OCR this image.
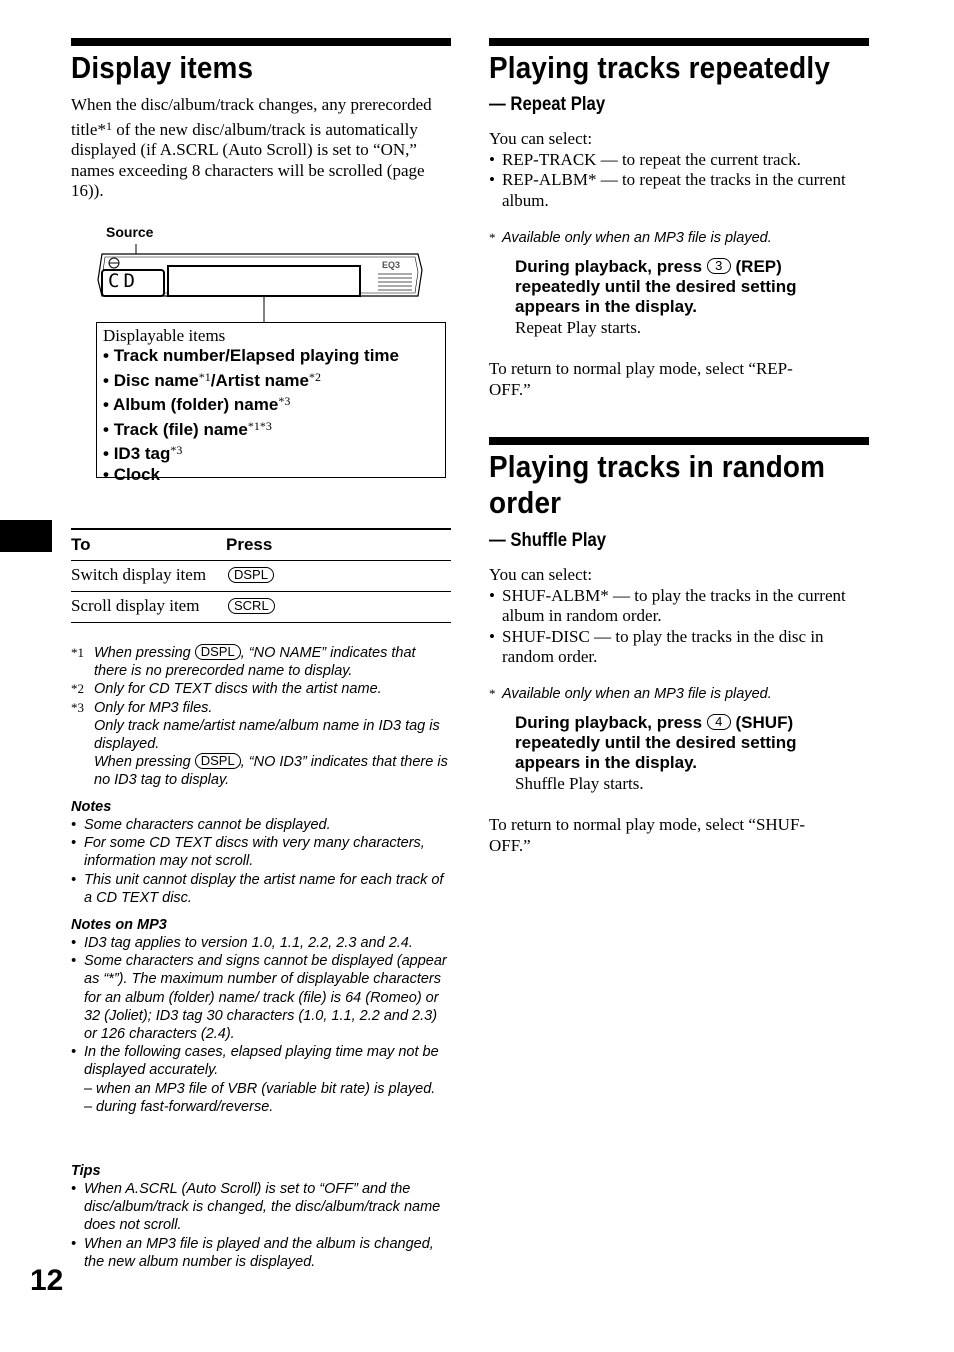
Display items
When the disc/album/track changes, any prerecorded title*$^1$ of the new disc/album/track is automatically displayed (if A.SCRL (Auto Scroll) is set to “ON,” names exceeding 8 characters will be scrolled (page 16)).
Source
CD
EQ3
Displayable items
• Track number/Elapsed playing time
• Disc name$^{*1}$/Artist name$^{*2}$
• Album (folder) name$^{*3}$
• Track (file) name$^{*1*3}$
• ID3 tag$^{*3}$
• Clock
To	Press
Switch display item	DSPL
Scroll display item	SCRL
*1 When pressing DSPL , “NO NAME” indicates that there is no prerecorded name to display.
*2 Only for CD TEXT discs with the artist name.
*3 Only for MP3 files.
Only track name/artist name/album name in ID3 tag is displayed.
When pressing DSPL , “NO ID3” indicates that there is no ID3 tag to display.
Notes
• Some characters cannot be displayed.
• For some CD TEXT discs with very many characters, information may not scroll.
• This unit cannot display the artist name for each track of a CD TEXT disc.
Notes on MP3
• ID3 tag applies to version 1.0, 1.1, 2.2, 2.3 and 2.4.
• Some characters and signs cannot be displayed (appear as “*”). The maximum number of displayable characters for an album (folder) name/ track (file) is 64 (Romeo) or 32 (Joliet); ID3 tag 30 characters (1.0, 1.1, 2.2 and 2.3) or 126 characters (2.4).
• In the following cases, elapsed playing time may not be displayed accurately.
– when an MP3 file of VBR (variable bit rate) is played.
– during fast-forward/reverse.
Tips
• When A.SCRL (Auto Scroll) is set to “OFF” and the disc/album/track is changed, the disc/album/track name does not scroll.
• When an MP3 file is played and the album is changed, the new album number is displayed.
12
Playing tracks repeatedly
— Repeat Play
You can select:
• REP-TRACK — to repeat the current track.
• REP-ALBM* — to repeat the tracks in the current album.
* Available only when an MP3 file is played.
During playback, press 3 (REP) repeatedly until the desired setting appears in the display.
Repeat Play starts.
To return to normal play mode, select “REP-OFF.”
Playing tracks in random order
— Shuffle Play
You can select:
• SHUF-ALBM* — to play the tracks in the current album in random order.
• SHUF-DISC — to play the tracks in the disc in random order.
* Available only when an MP3 file is played.
During playback, press 4 (SHUF) repeatedly until the desired setting appears in the display.
Shuffle Play starts.
To return to normal play mode, select “SHUF-OFF.”
